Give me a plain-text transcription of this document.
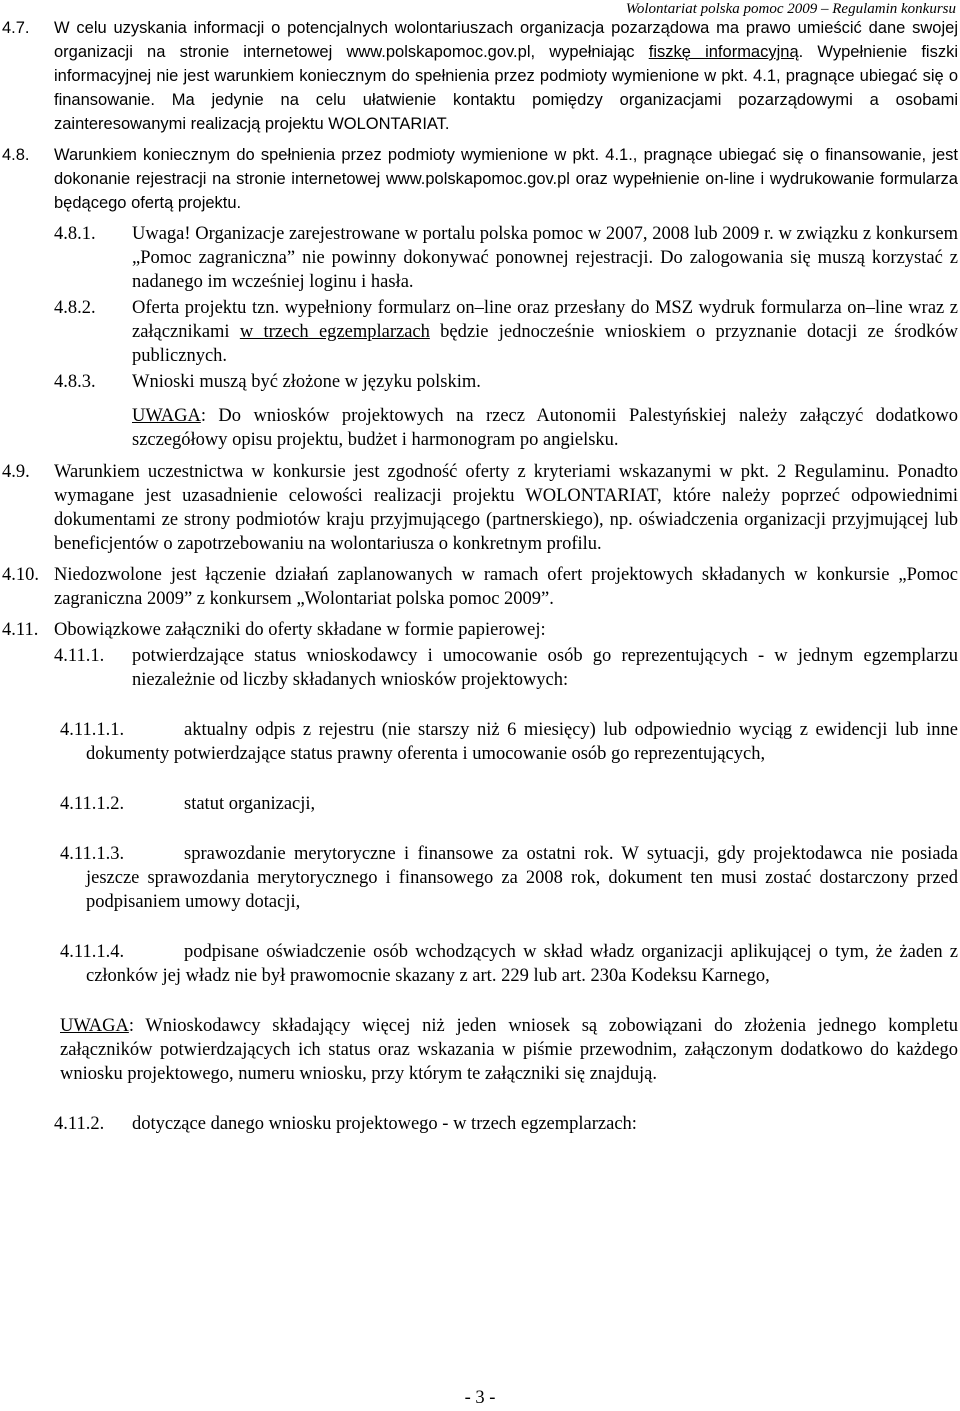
Wolontariat polska pomoc 2009 – Regulamin konkursu
4.7.	W celu uzyskania informacji o potencjalnych wolontariuszach organizacja pozarządowa ma prawo umieścić dane swojej organizacji na stronie internetowej www.polskapomoc.gov.pl, wypełniając fiszkę informacyjną. Wypełnienie fiszki informacyjnej nie jest warunkiem koniecznym do spełnienia przez podmioty wymienione w pkt. 4.1, pragnące ubiegać się o finansowanie. Ma jedynie na celu ułatwienie kontaktu pomiędzy organizacjami pozarządowymi a osobami zainteresowanymi realizacją projektu WOLONTARIAT.
4.8.	Warunkiem koniecznym do spełnienia przez podmioty wymienione w pkt. 4.1., pragnące ubiegać się o finansowanie, jest dokonanie rejestracji na stronie internetowej www.polskapomoc.gov.pl oraz wypełnienie on-line i wydrukowanie formularza będącego ofertą projektu.
4.8.1.	Uwaga! Organizacje zarejestrowane w portalu polska pomoc w 2007, 2008 lub 2009 r. w związku z konkursem „Pomoc zagraniczna” nie powinny dokonywać ponownej rejestracji. Do zalogowania się muszą korzystać z nadanego im wcześniej loginu i hasła.
4.8.2.	Oferta projektu tzn. wypełniony formularz on–line oraz przesłany do MSZ wydruk formularza on–line wraz z załącznikami w trzech egzemplarzach będzie jednocześnie wnioskiem o przyznanie dotacji ze środków publicznych.
4.8.3.	Wnioski muszą być złożone w języku polskim.
UWAGA: Do wniosków projektowych na rzecz Autonomii Palestyńskiej należy załączyć dodatkowo szczegółowy opisu projektu, budżet i harmonogram po angielsku.
4.9.	Warunkiem uczestnictwa w konkursie jest zgodność oferty z kryteriami wskazanymi w pkt. 2 Regulaminu. Ponadto wymagane jest uzasadnienie celowości realizacji projektu WOLONTARIAT, które należy poprzeć odpowiednimi dokumentami ze strony podmiotów kraju przyjmującego (partnerskiego), np. oświadczenia organizacji przyjmującej lub beneficjentów o zapotrzebowaniu na wolontariusza o konkretnym profilu.
4.10. Niedozwolone jest łączenie działań zaplanowanych w ramach ofert projektowych składanych w konkursie „Pomoc zagraniczna 2009” z konkursem „Wolontariat polska pomoc 2009”.
4.11. Obowiązkowe załączniki do oferty składane w formie papierowej:
4.11.1.	potwierdzające status wnioskodawcy i umocowanie osób go reprezentujących - w jednym egzemplarzu niezależnie od liczby składanych wniosków projektowych:
4.11.1.1.	aktualny odpis z rejestru (nie starszy niż 6 miesięcy) lub odpowiednio wyciąg z ewidencji lub inne dokumenty potwierdzające status prawny oferenta i umocowanie osób go reprezentujących,
4.11.1.2.	statut organizacji,
4.11.1.3.	sprawozdanie merytoryczne i finansowe za ostatni rok. W sytuacji, gdy projektodawca nie posiada jeszcze sprawozdania merytorycznego i finansowego za 2008 rok, dokument ten musi zostać dostarczony przed podpisaniem umowy dotacji,
4.11.1.4.	podpisane oświadczenie osób wchodzących w skład władz organizacji aplikującej o tym, że żaden z członków jej władz nie był prawomocnie skazany z art. 229 lub art. 230a Kodeksu Karnego,
UWAGA: Wnioskodawcy składający więcej niż jeden wniosek są zobowiązani do złożenia jednego kompletu załączników potwierdzających ich status oraz wskazania w piśmie przewodnim, załączonym dodatkowo do każdego wniosku projektowego, numeru wniosku, przy którym te załączniki się znajdują.
4.11.2.	dotyczące danego wniosku projektowego - w trzech egzemplarzach:
- 3 -
